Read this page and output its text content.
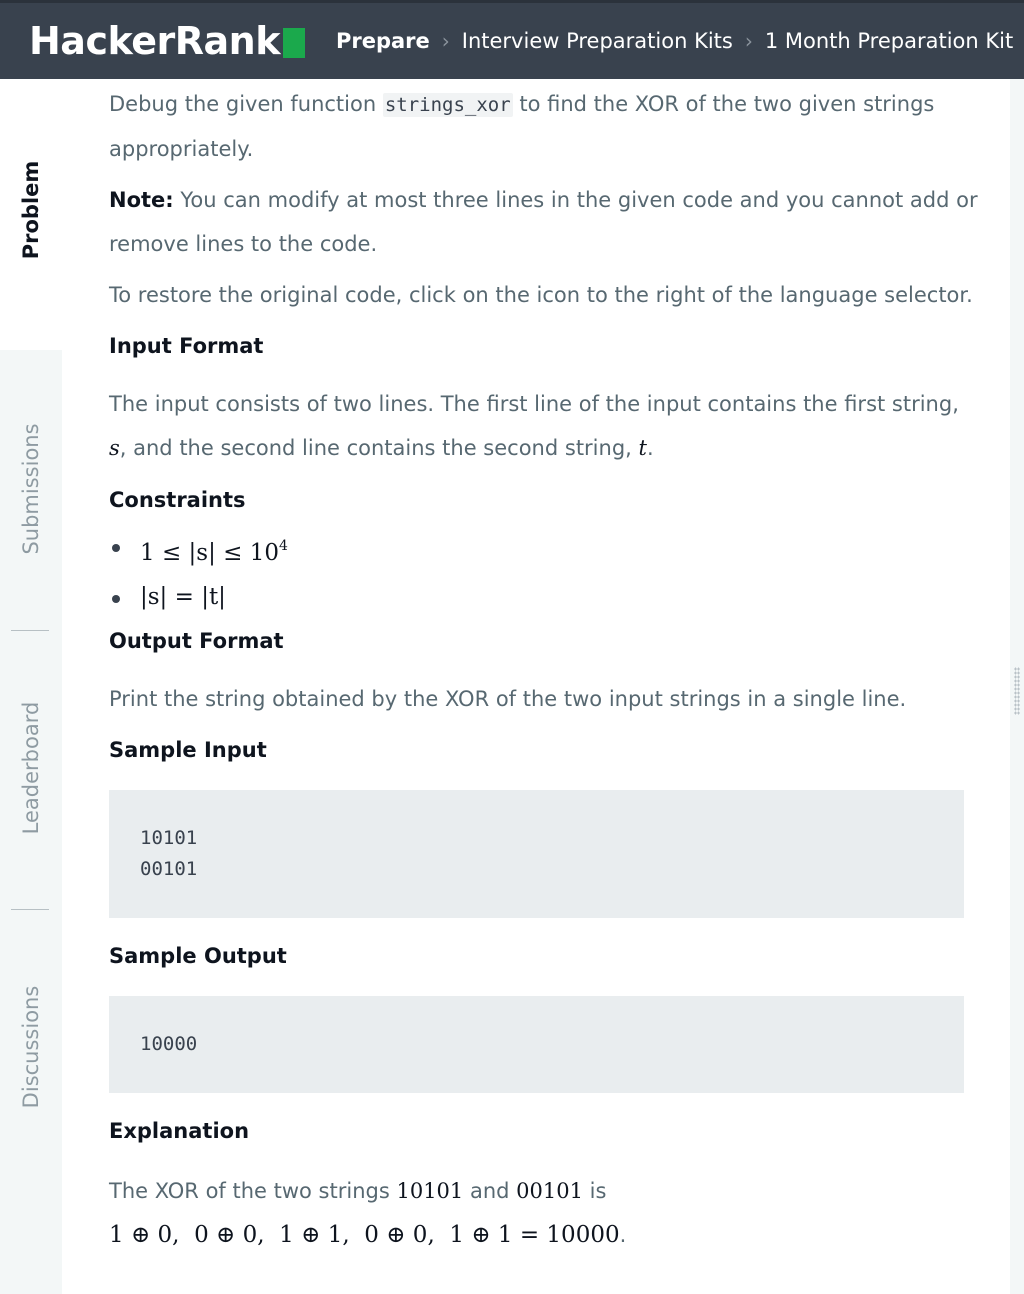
HackerRank	Prepare › Interview Preparation Kits › 1 Month Preparation Kit
Problem
Submissions
Leaderboard
Discussions

Debug the given function strings_xor to find the XOR of the two given strings appropriately.

Note: You can modify at most three lines in the given code and you cannot add or remove lines to the code.

To restore the original code, click on the icon to the right of the language selector.

Input Format

The input consists of two lines. The first line of the input contains the first string, s, and the second line contains the second string, t.

Constraints
$1 \le |s| \le 10^4$
|s| = |t|
Output Format

Print the string obtained by the XOR of the two input strings in a single line.

Sample Input
10101
00101
Sample Output
10000
Explanation

The XOR of the two strings 10101 and 00101 is
1 ⊕ 0,  0 ⊕ 0,  1 ⊕ 1,  0 ⊕ 0,  1 ⊕ 1 = 10000.
